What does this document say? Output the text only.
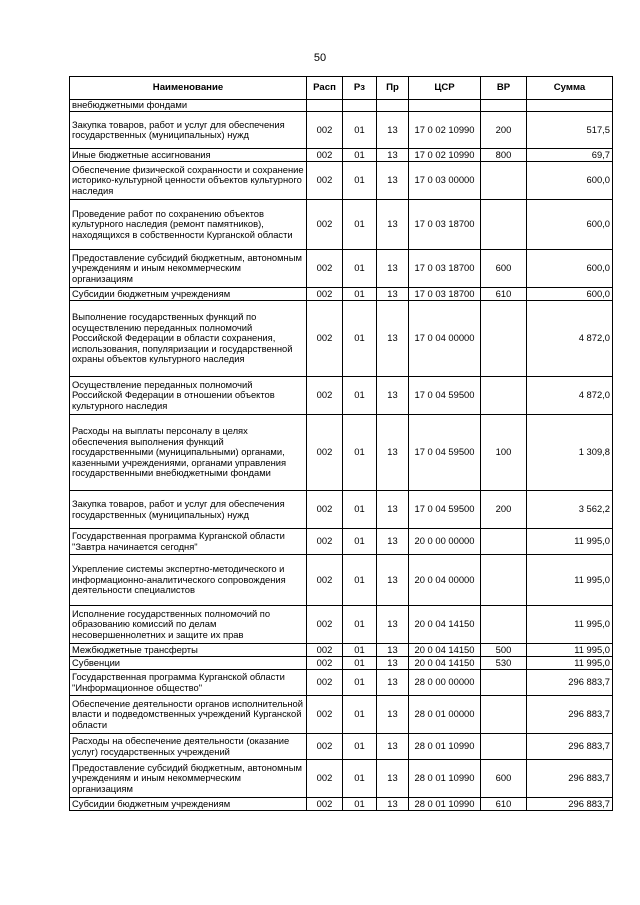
50
Наименование	Расп	Рз	Пр	ЦСР	ВР	Сумма
внебюджетными фондами						
Закупка товаров, работ и услуг для обеспечения государственных (муниципальных) нужд	002	01	13	17 0 02 10990	200	517,5
Иные бюджетные ассигнования	002	01	13	17 0 02 10990	800	69,7
Обеспечение физической сохранности и сохранение историко-культурной ценности объектов культурного наследия	002	01	13	17 0 03 00000		600,0
Проведение работ по сохранению объектов культурного наследия (ремонт памятников), находящихся в собственности Курганской области	002	01	13	17 0 03 18700		600,0
Предоставление субсидий бюджетным, автономным учреждениям и иным некоммерческим организациям	002	01	13	17 0 03 18700	600	600,0
Субсидии бюджетным учреждениям	002	01	13	17 0 03 18700	610	600,0
Выполнение государственных функций по осуществлению переданных полномочий Российской Федерации в области сохранения, использования, популяризации и государственной охраны объектов культурного наследия	002	01	13	17 0 04 00000		4 872,0
Осуществление переданных полномочий Российской Федерации в отношении объектов культурного наследия	002	01	13	17 0 04 59500		4 872,0
Расходы на выплаты персоналу в целях обеспечения выполнения функций государственными (муниципальными) органами, казенными учреждениями, органами управления государственными внебюджетными фондами	002	01	13	17 0 04 59500	100	1 309,8
Закупка товаров, работ и услуг для обеспечения государственных (муниципальных) нужд	002	01	13	17 0 04 59500	200	3 562,2
Государственная программа Курганской области "Завтра начинается сегодня"	002	01	13	20 0 00 00000		11 995,0
Укрепление системы экспертно-методического и информационно-аналитического сопровождения деятельности специалистов	002	01	13	20 0 04 00000		11 995,0
Исполнение государственных полномочий по образованию комиссий по делам несовершеннолетних и защите их прав	002	01	13	20 0 04 14150		11 995,0
Межбюджетные трансферты	002	01	13	20 0 04 14150	500	11 995,0
Субвенции	002	01	13	20 0 04 14150	530	11 995,0
Государственная программа Курганской области "Информационное общество"	002	01	13	28 0 00 00000		296 883,7
Обеспечение деятельности органов исполнительной власти и подведомственных учреждений Курганской области	002	01	13	28 0 01 00000		296 883,7
Расходы на обеспечение деятельности (оказание услуг) государственных учреждений	002	01	13	28 0 01 10990		296 883,7
Предоставление субсидий бюджетным, автономным учреждениям и иным некоммерческим организациям	002	01	13	28 0 01 10990	600	296 883,7
Субсидии бюджетным учреждениям	002	01	13	28 0 01 10990	610	296 883,7
